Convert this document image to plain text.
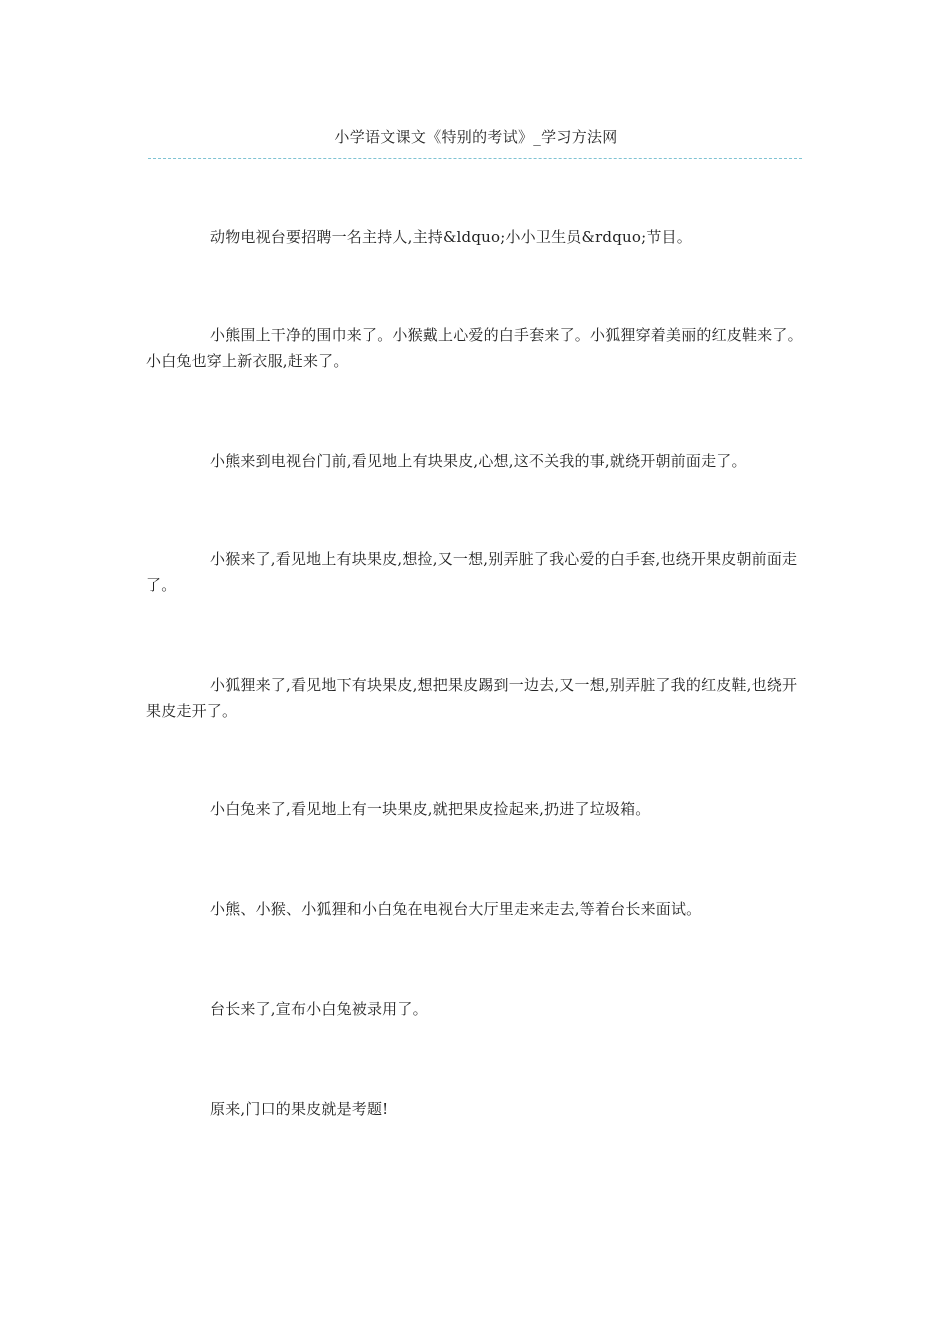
小学语文课文《特别的考试》_学习方法网

动物电视台要招聘一名主持人,主持&ldquo;小小卫生员&rdquo;节目。

小熊围上干净的围巾来了。小猴戴上心爱的白手套来了。小狐狸穿着美丽的红皮鞋来了。小白兔也穿上新衣服,赶来了。

小熊来到电视台门前,看见地上有块果皮,心想,这不关我的事,就绕开朝前面走了。

小猴来了,看见地上有块果皮,想捡,又一想,别弄脏了我心爱的白手套,也绕开果皮朝前面走了。

小狐狸来了,看见地下有块果皮,想把果皮踢到一边去,又一想,别弄脏了我的红皮鞋,也绕开果皮走开了。

小白兔来了,看见地上有一块果皮,就把果皮捡起来,扔进了垃圾箱。

小熊、小猴、小狐狸和小白兔在电视台大厅里走来走去,等着台长来面试。

台长来了,宣布小白兔被录用了。

原来,门口的果皮就是考题!
